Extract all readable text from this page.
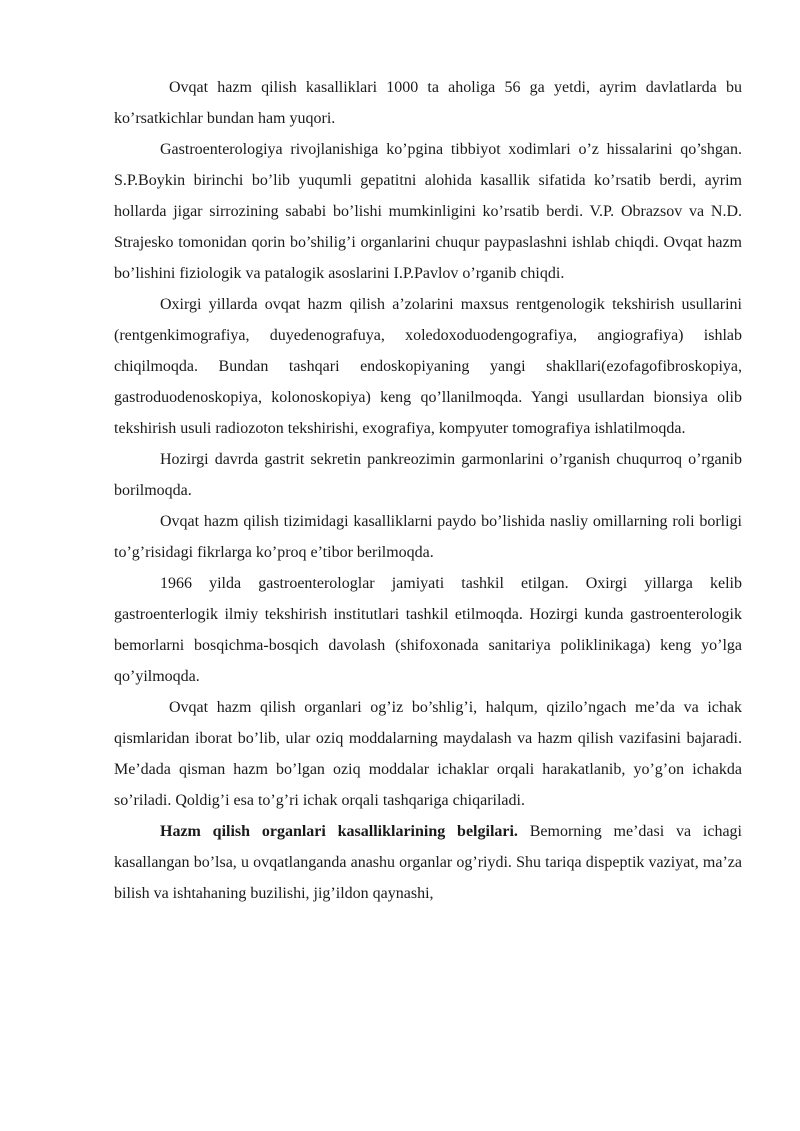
Ovqat hazm qilish kasalliklari 1000 ta aholiga 56 ga yetdi, ayrim davlatlarda bu ko’rsatkichlar bundan ham yuqori.

Gastroenterologiya rivojlanishiga ko’pgina tibbiyot xodimlari o’z hissalarini qo’shgan. S.P.Boykin birinchi bo’lib yuqumli gepatitni alohida kasallik sifatida ko’rsatib berdi, ayrim hollarda jigar sirrozining sababi bo’lishi mumkinligini ko’rsatib berdi. V.P. Obrazsov va N.D. Strajesko tomonidan qorin bo’shilig’i organlarini chuqur paypaslashni ishlab chiqdi. Ovqat hazm bo’lishini fiziologik va patalogik asoslarini I.P.Pavlov o’rganib chiqdi.

Oxirgi yillarda ovqat hazm qilish a’zolarini maxsus rentgenologik tekshirish usullarini (rentgenkimografiya, duyedenografuya, xoledoxoduodengografiya, angiografiya) ishlab chiqilmoqda. Bundan tashqari endoskopiyaning yangi shakllari(ezofagofibroskopiya, gastroduodenoskopiya, kolonoskopiya) keng qo’llanilmoqda. Yangi usullardan bionsiya olib tekshirish usuli radiozoton tekshirishi, exografiya, kompyuter tomografiya ishlatilmoqda.

Hozirgi davrda gastrit sekretin pankreozimin garmonlarini o’rganish chuqurroq o’rganib borilmoqda.

Ovqat hazm qilish tizimidagi kasalliklarni paydo bo’lishida nasliy omillarning roli borligi to’g’risidagi fikrlarga ko’proq e’tibor berilmoqda.

1966 yilda gastroenterologlar jamiyati tashkil etilgan. Oxirgi yillarga kelib gastroenterlogik ilmiy tekshirish institutlari tashkil etilmoqda. Hozirgi kunda gastroenterologik bemorlarni bosqichma-bosqich davolash (shifoxonada sanitariya poliklinikaga) keng yo’lga qo’yilmoqda.

Ovqat hazm qilish organlari og’iz bo’shlig’i, halqum, qizilo’ngach me’da va ichak qismlaridan iborat bo’lib, ular oziq moddalarning maydalash va hazm qilish vazifasini bajaradi. Me’dada qisman hazm bo’lgan oziq moddalar ichaklar orqali harakatlanib, yo’g’on ichakda so’riladi. Qoldig’i esa to’g’ri ichak orqali tashqariga chiqariladi.

Hazm qilish organlari kasalliklarining belgilari. Bemorning me’dasi va ichagi kasallangan bo’lsa, u ovqatlanganda anashu organlar og’riydi. Shu tariqa dispeptik vaziyat, ma’za bilish va ishtahaning buzilishi, jig’ildon qaynashi,
